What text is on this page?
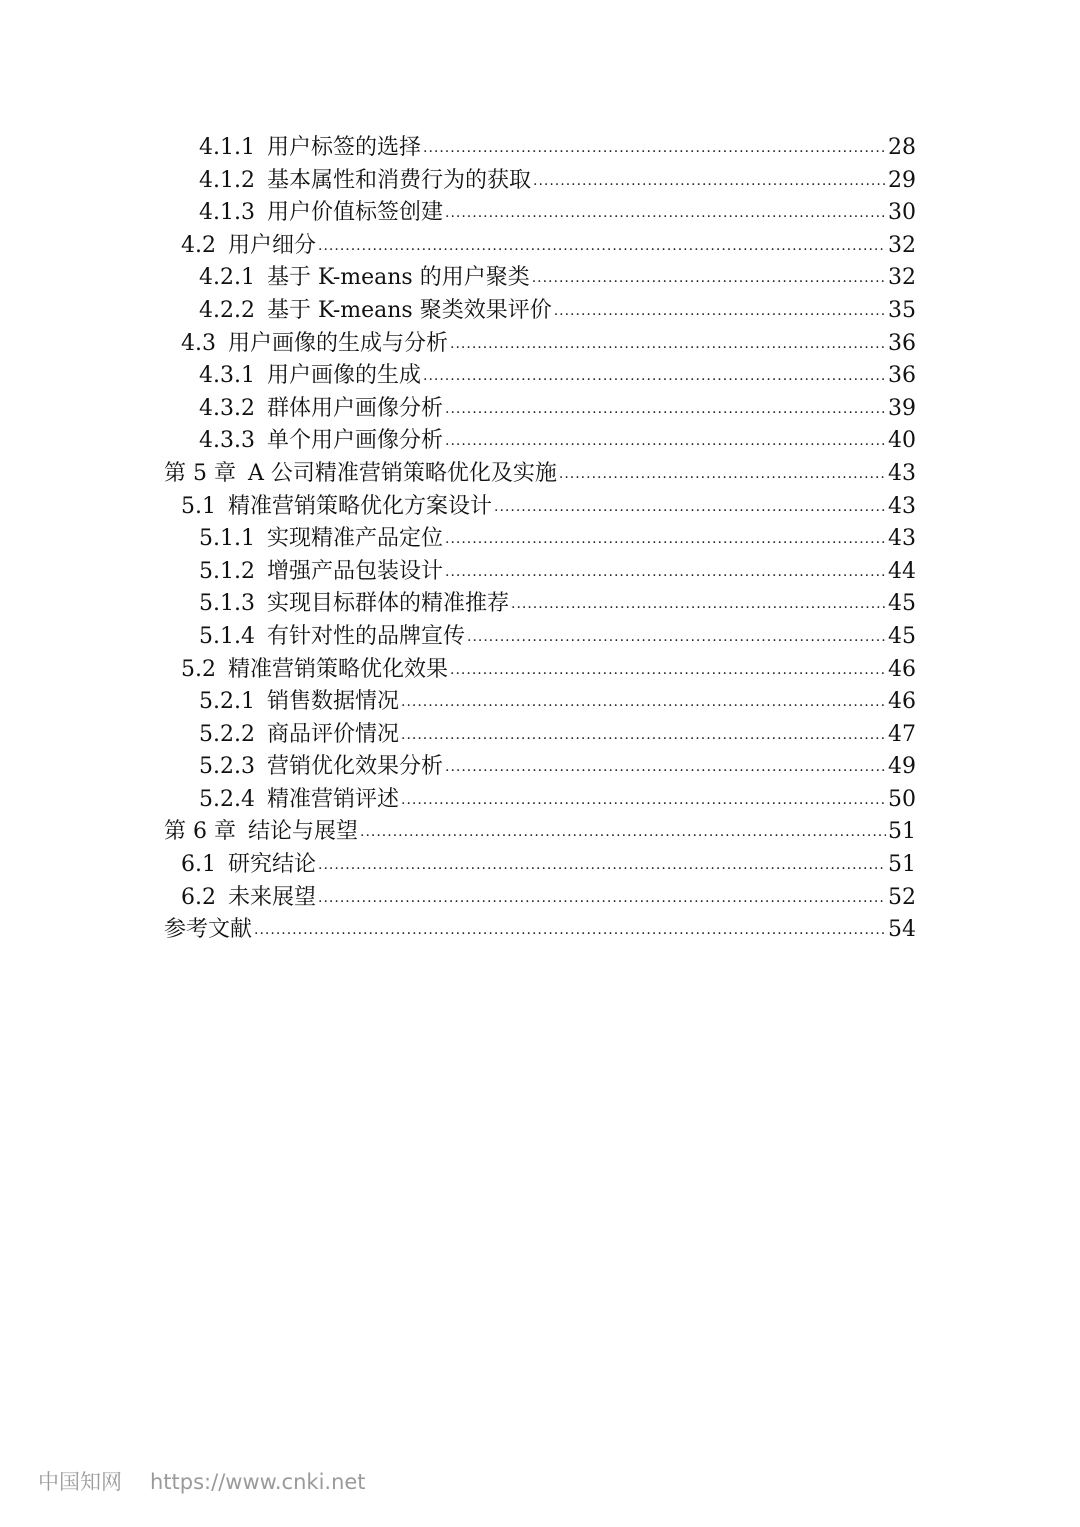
4.1.1 用户标签的选择 .....	28
4.1.2 基本属性和消费行为的获取 .....	29
4.1.3 用户价值标签创建 .....	30
4.2 用户细分 .....	32
4.2.1 基于 K-means 的用户聚类 .....	32
4.2.2 基于 K-means 聚类效果评价 .....	35
4.3 用户画像的生成与分析 .....	36
4.3.1 用户画像的生成 .....	36
4.3.2 群体用户画像分析 .....	39
4.3.3 单个用户画像分析 .....	40
第 5 章 A 公司精准营销策略优化及实施 .....	43
5.1 精准营销策略优化方案设计 .....	43
5.1.1 实现精准产品定位 .....	43
5.1.2 增强产品包装设计 .....	44
5.1.3 实现目标群体的精准推荐 .....	45
5.1.4 有针对性的品牌宣传 .....	45
5.2 精准营销策略优化效果 .....	46
5.2.1 销售数据情况 .....	46
5.2.2 商品评价情况 .....	47
5.2.3 营销优化效果分析 .....	49
5.2.4 精准营销评述 .....	50
第 6 章 结论与展望 .....	51
6.1 研究结论 .....	51
6.2 未来展望 .....	52
参考文献 .....	54
中国知网 https://www.cnki.net
